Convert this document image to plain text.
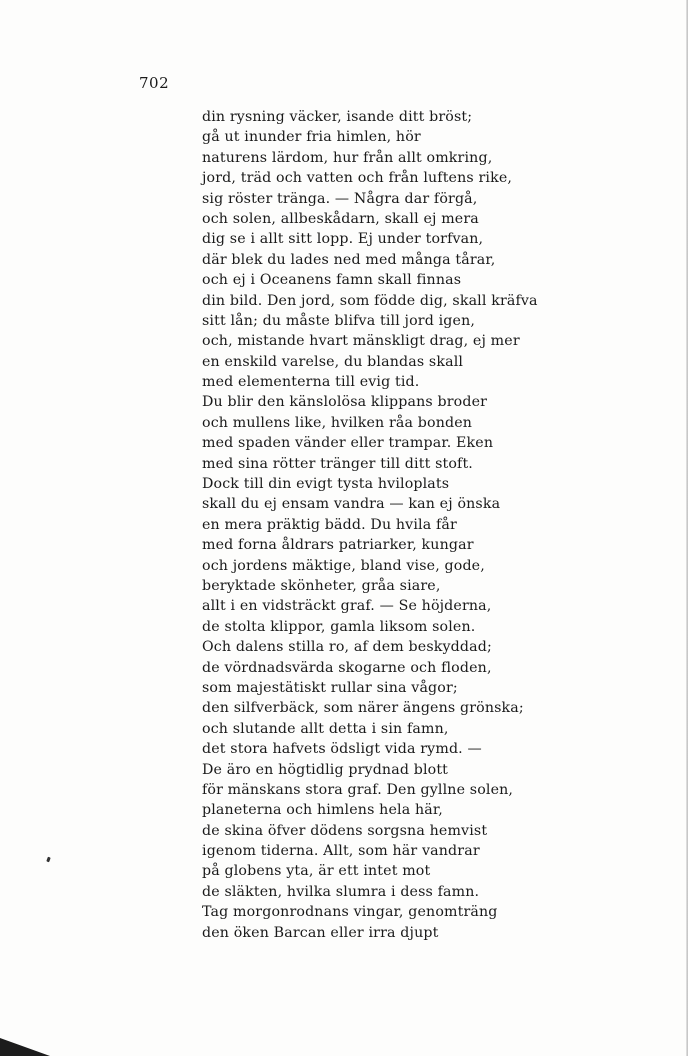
702
din rysning väcker, isande ditt bröst;
gå ut inunder fria himlen, hör
naturens lärdom, hur från allt omkring,
jord, träd och vatten och från luftens rike,
sig röster tränga. — Några dar förgå,
och solen, allbeskådarn, skall ej mera
dig se i allt sitt lopp. Ej under torfvan,
där blek du lades ned med många tårar,
och ej i Oceanens famn skall finnas
din bild. Den jord, som födde dig, skall kräfva
sitt lån; du måste blifva till jord igen,
och, mistande hvart mänskligt drag, ej mer
en enskild varelse, du blandas skall
med elementerna till evig tid.
Du blir den känslolösa klippans broder
och mullens like, hvilken råa bonden
med spaden vänder eller trampar. Eken
med sina rötter tränger till ditt stoft.
Dock till din evigt tysta hviloplats
skall du ej ensam vandra — kan ej önska
en mera präktig bädd. Du hvila får
med forna åldrars patriarker, kungar
och jordens mäktige, bland vise, gode,
beryktade skönheter, gråa siare,
allt i en vidsträckt graf. — Se höjderna,
de stolta klippor, gamla liksom solen.
Och dalens stilla ro, af dem beskyddad;
de vördnadsvärda skogarne och floden,
som majestätiskt rullar sina vågor;
den silfverbäck, som närer ängens grönska;
och slutande allt detta i sin famn,
det stora hafvets ödsligt vida rymd. —
De äro en högtidlig prydnad blott
för mänskans stora graf. Den gyllne solen,
planeterna och himlens hela här,
de skina öfver dödens sorgsna hemvist
igenom tiderna. Allt, som här vandrar
på globens yta, är ett intet mot
de släkten, hvilka slumra i dess famn.
Tag morgonrodnans vingar, genomträng
den öken Barcan eller irra djupt
